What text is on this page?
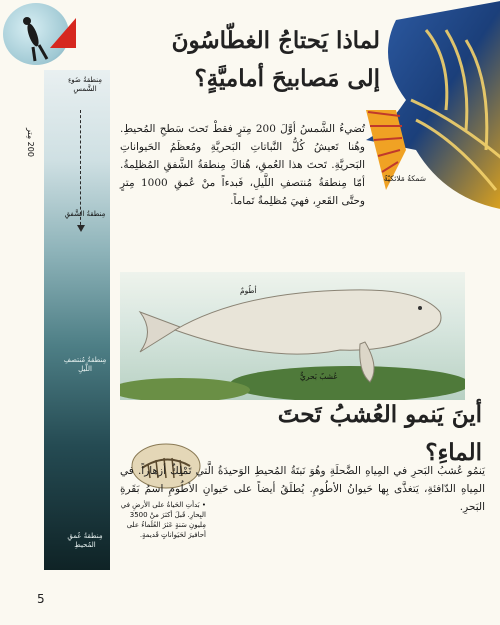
مِنطقةُ ضَوءِ الشَّمسِ
مِنطقةُ الشَّفقِ
مِنطقةُ مُنتصفِ اللَّيلِ
مِنطقةُ عُمقِ المُحيطِ
200 مِتر
سَمكةُ مَلائكيّةُ
لماذا يَحتاجُ الغطّاسُونَ إلى مَصابيحَ أماميَّةٍ؟
تُضيءُ الشَّمسُ أوَّلَ 200 مِترٍ فقطْ تَحتَ سَطحِ المُحيطِ. وهُنا تَعيشُ كُلُّ النَّباتاتِ البَحريَّةِ ومُعظَمُ الحَيواناتِ البَحريَّةِ. تَحتَ هذا العُمقِ، هُناكَ مِنطقةُ الشَّفقِ المُظلِمةُ. أمّا مِنطقةُ مُنتصفِ اللَّيلِ، فَبدءاً منْ عُمقِ 1000 مِترٍ وحتَّى القَعرِ، فهيَ مُظلِمةٌ تَماماً.
أطُومٌ
عُشبٌ بَحريٌّ
أينَ يَنمو العُشبُ تَحتَ الماءِ؟
• بَدأتِ الحَياةُ على الأرضِ في البِحارِ. قَبلَ أكثرَ منْ 3500 مِليونِ سَنةٍ عَثرَ العُلَماءُ على أحافيرَ لحَيَواناتٍ قَديمةٍ.
يَنمُو عُشبُ البَحرِ في المِياهِ الضَّحلَةِ وهُوَ نَبتَةُ المُحيطِ الوَحيدَةُ الَّتي تَمْلِكُ أزهاراً. في المِياهِ الدّافئةِ، يَتغذَّى بِها حَيوانُ الأطُومِ. يُطلَقُ أيضاً على حَيوانِ الأطُومِ اسمُ بَقَرةِ البَحرِ.
5
